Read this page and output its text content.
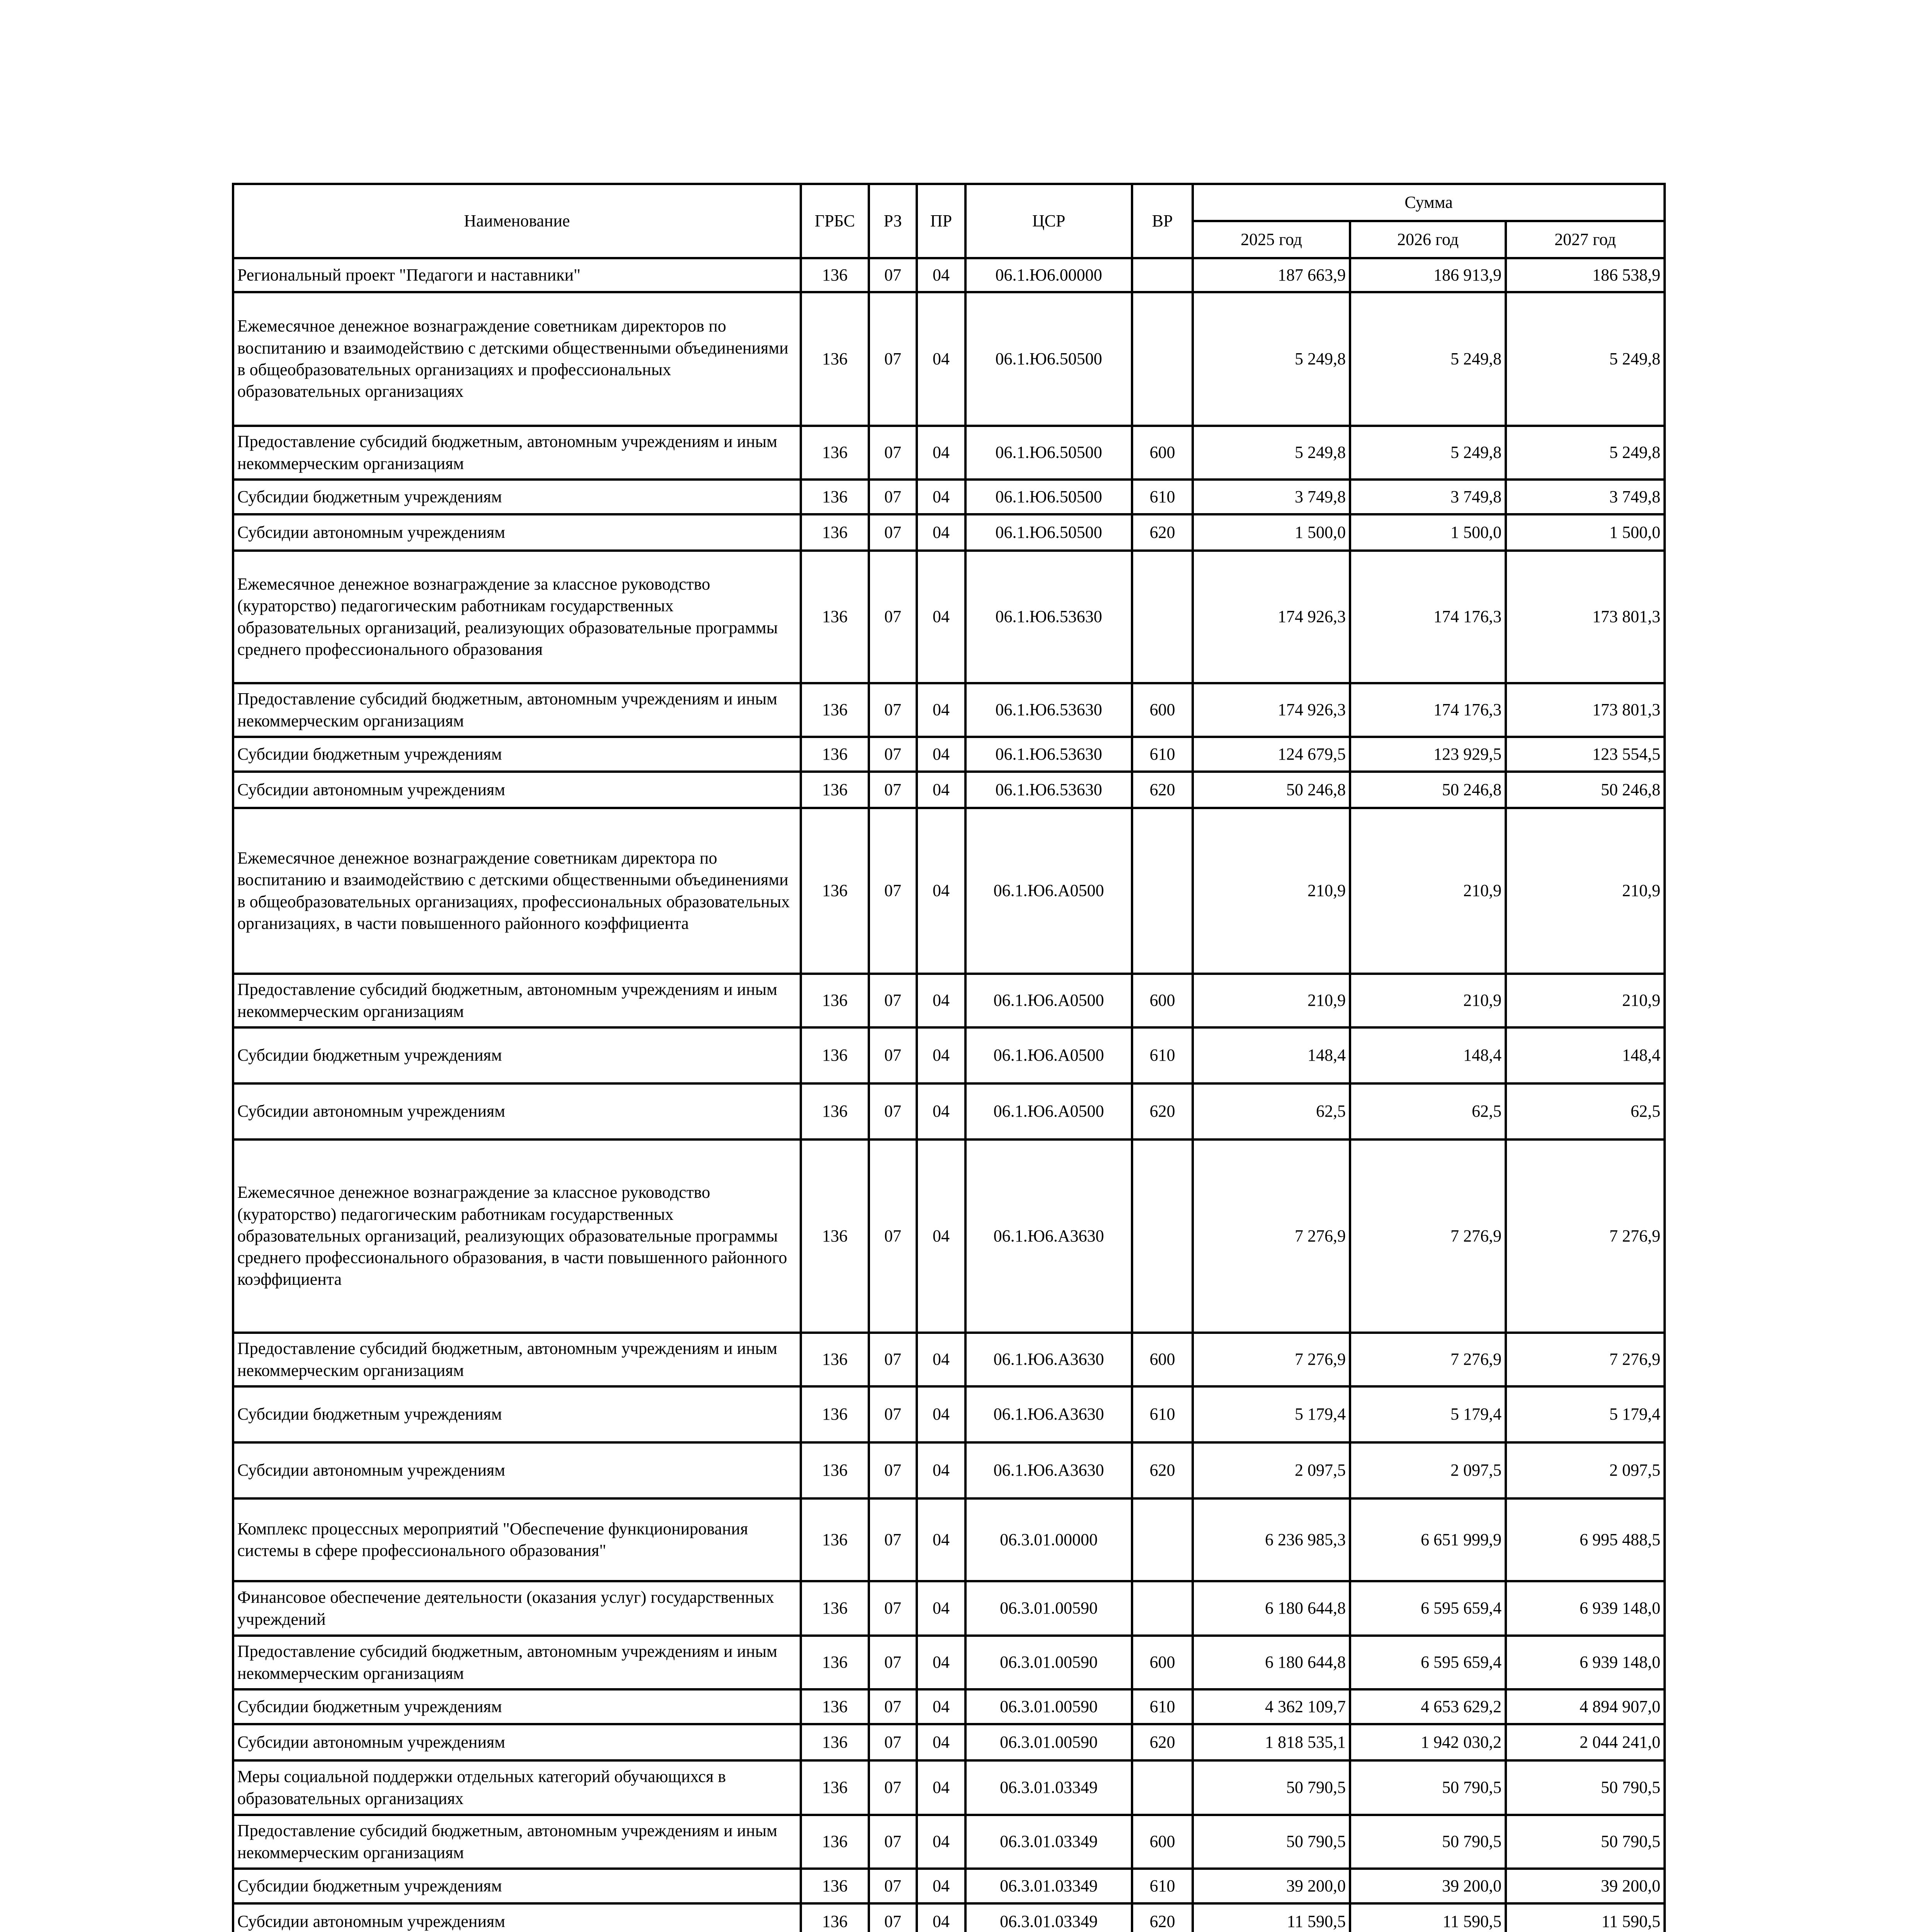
Наименование	ГРБС	РЗ	ПР	ЦСР	ВР	Сумма		
						2025 год	2026 год	2027 год
Региональный проект "Педагоги и наставники"	136	07	04	06.1.Ю6.00000		187 663,9	186 913,9	186 538,9
Ежемесячное денежное вознаграждение советникам директоров по воспитанию и взаимодействию с детскими общественными объединениями в общеобразовательных организациях и профессиональных образовательных организациях	136	07	04	06.1.Ю6.50500		5 249,8	5 249,8	5 249,8
Предоставление субсидий бюджетным, автономным учреждениям и иным некоммерческим организациям	136	07	04	06.1.Ю6.50500	600	5 249,8	5 249,8	5 249,8
Субсидии бюджетным учреждениям	136	07	04	06.1.Ю6.50500	610	3 749,8	3 749,8	3 749,8
Субсидии автономным учреждениям	136	07	04	06.1.Ю6.50500	620	1 500,0	1 500,0	1 500,0
Ежемесячное денежное вознаграждение за классное руководство (кураторство) педагогическим работникам государственных образовательных организаций, реализующих образовательные программы среднего профессионального образования	136	07	04	06.1.Ю6.53630		174 926,3	174 176,3	173 801,3
Предоставление субсидий бюджетным, автономным учреждениям и иным некоммерческим организациям	136	07	04	06.1.Ю6.53630	600	174 926,3	174 176,3	173 801,3
Субсидии бюджетным учреждениям	136	07	04	06.1.Ю6.53630	610	124 679,5	123 929,5	123 554,5
Субсидии автономным учреждениям	136	07	04	06.1.Ю6.53630	620	50 246,8	50 246,8	50 246,8
Ежемесячное денежное вознаграждение советникам директора по воспитанию и взаимодействию с детскими общественными объединениями в общеобразовательных организациях, профессиональных образовательных организациях, в части повышенного районного коэффициента	136	07	04	06.1.Ю6.А0500		210,9	210,9	210,9
Предоставление субсидий бюджетным, автономным учреждениям и иным некоммерческим организациям	136	07	04	06.1.Ю6.А0500	600	210,9	210,9	210,9
Субсидии бюджетным учреждениям	136	07	04	06.1.Ю6.А0500	610	148,4	148,4	148,4
Субсидии автономным учреждениям	136	07	04	06.1.Ю6.А0500	620	62,5	62,5	62,5
Ежемесячное денежное вознаграждение за классное руководство (кураторство) педагогическим работникам государственных образовательных организаций, реализующих образовательные программы среднего профессионального образования, в части повышенного районного коэффициента	136	07	04	06.1.Ю6.А3630		7 276,9	7 276,9	7 276,9
Предоставление субсидий бюджетным, автономным учреждениям и иным некоммерческим организациям	136	07	04	06.1.Ю6.А3630	600	7 276,9	7 276,9	7 276,9
Субсидии бюджетным учреждениям	136	07	04	06.1.Ю6.А3630	610	5 179,4	5 179,4	5 179,4
Субсидии автономным учреждениям	136	07	04	06.1.Ю6.А3630	620	2 097,5	2 097,5	2 097,5
Комплекс процессных мероприятий "Обеспечение функционирования системы в сфере профессионального образования"	136	07	04	06.3.01.00000		6 236 985,3	6 651 999,9	6 995 488,5
Финансовое обеспечение деятельности (оказания услуг) государственных учреждений	136	07	04	06.3.01.00590		6 180 644,8	6 595 659,4	6 939 148,0
Предоставление субсидий бюджетным, автономным учреждениям и иным некоммерческим организациям	136	07	04	06.3.01.00590	600	6 180 644,8	6 595 659,4	6 939 148,0
Субсидии бюджетным учреждениям	136	07	04	06.3.01.00590	610	4 362 109,7	4 653 629,2	4 894 907,0
Субсидии автономным учреждениям	136	07	04	06.3.01.00590	620	1 818 535,1	1 942 030,2	2 044 241,0
Меры социальной поддержки отдельных категорий обучающихся в образовательных организациях	136	07	04	06.3.01.03349		50 790,5	50 790,5	50 790,5
Предоставление субсидий бюджетным, автономным учреждениям и иным некоммерческим организациям	136	07	04	06.3.01.03349	600	50 790,5	50 790,5	50 790,5
Субсидии бюджетным учреждениям	136	07	04	06.3.01.03349	610	39 200,0	39 200,0	39 200,0
Субсидии автономным учреждениям	136	07	04	06.3.01.03349	620	11 590,5	11 590,5	11 590,5
